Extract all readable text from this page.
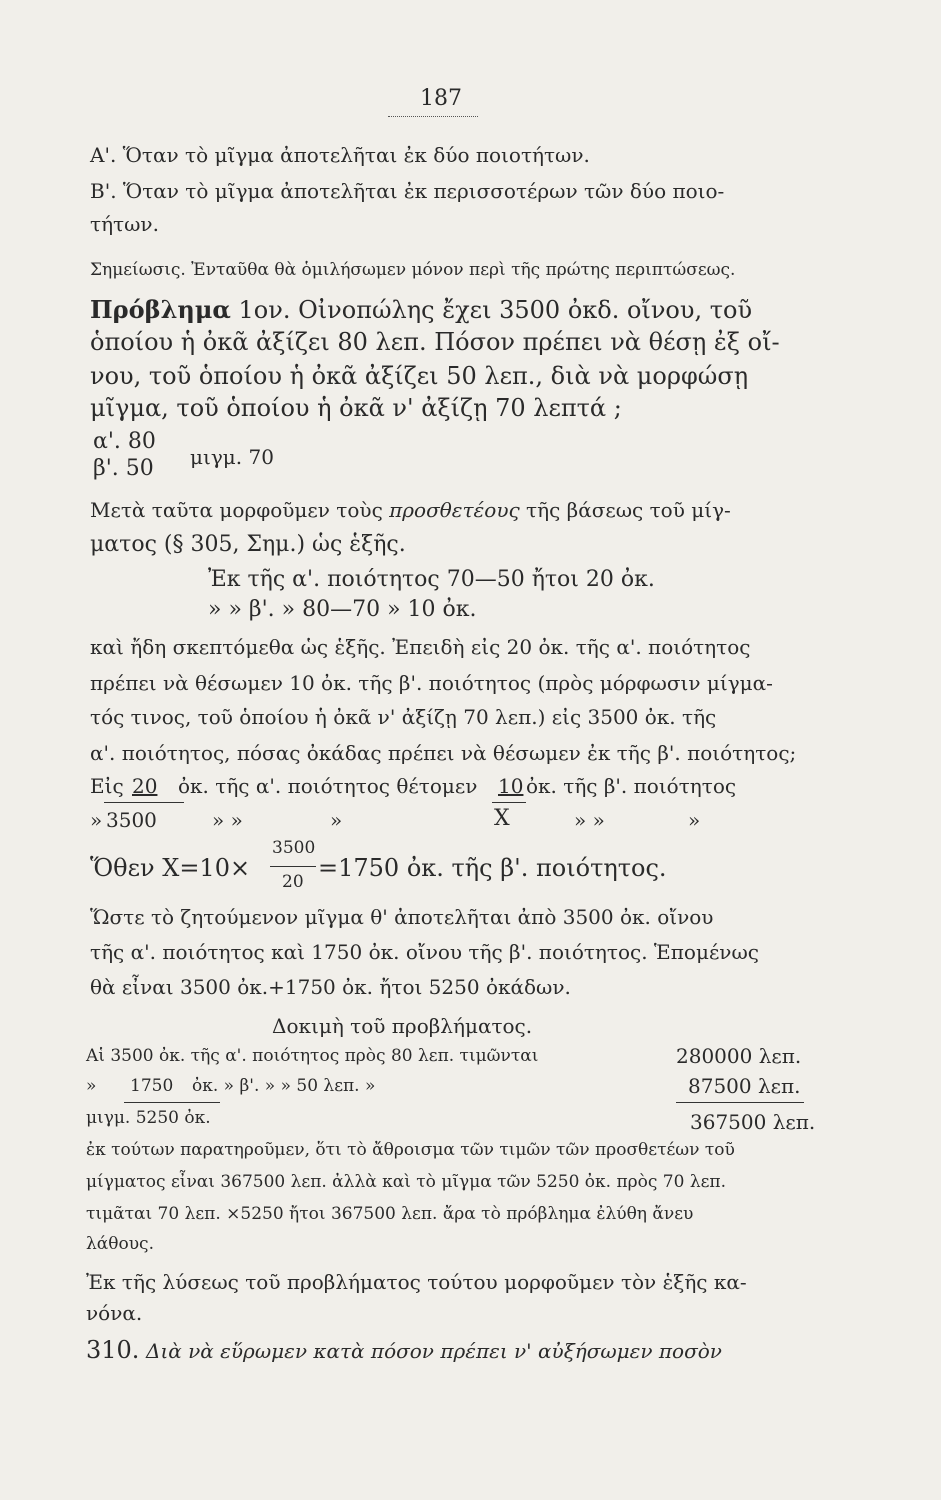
187
Α'. Ὅταν τὸ μῖγμα ἀποτελῆται ἐκ δύο ποιοτήτων.
Β'. Ὅταν τὸ μῖγμα ἀποτελῆται ἐκ περισσοτέρων τῶν δύο ποιο-
τήτων.
Σημείωσις. Ἐνταῦθα θὰ ὁμιλήσωμεν μόνον περὶ τῆς πρώτης περιπτώσεως.
Πρόβλημα 1ον. Οἰνοπώλης ἔχει 3500 ὀκδ. οἴνου, τοῦ
ὁποίου ἡ ὀκᾶ ἀξίζει 80 λεπ. Πόσον πρέπει νὰ θέσῃ ἐξ οἴ-
νου, τοῦ ὁποίου ἡ ὀκᾶ ἀξίζει 50 λεπ., διὰ νὰ μορφώσῃ
μῖγμα, τοῦ ὁποίου ἡ ὀκᾶ ν' ἀξίζῃ 70 λεπτά ;
α'. 80
β'. 50 μιγμ. 70
Μετὰ ταῦτα μορφοῦμεν τοὺς προσθετέους τῆς βάσεως τοῦ μίγ-
ματος (§ 305, Σημ.) ὡς ἑξῆς.
Ἐκ τῆς α'. ποιότητος 70—50 ἤτοι 20 ὀκ.
» » β'. » 80—70 » 10 ὀκ.
καὶ ἤδη σκεπτόμεθα ὡς ἑξῆς. Ἐπειδὴ εἰς 20 ὀκ. τῆς α'. ποιότητος
πρέπει νὰ θέσωμεν 10 ὀκ. τῆς β'. ποιότητος (πρὸς μόρφωσιν μίγμα-
τός τινος, τοῦ ὁποίου ἡ ὀκᾶ ν' ἀξίζῃ 70 λεπ.) εἰς 3500 ὀκ. τῆς
α'. ποιότητος, πόσας ὀκάδας πρέπει νὰ θέσωμεν ἐκ τῆς β'. ποιότητος;
Εἰς 20 ὀκ. τῆς α'. ποιότητος θέτομεν 10 ὀκ. τῆς β'. ποιότητος
» 3500	» »	»	X	» »	»
3500
Ὅθεν X=10× 20 =1750 ὀκ. τῆς β'. ποιότητος.
Ὥστε τὸ ζητούμενον μῖγμα θ' ἀποτελῆται ἀπὸ 3500 ὀκ. οἴνου
τῆς α'. ποιότητος καὶ 1750 ὀκ. οἴνου τῆς β'. ποιότητος. Ἑπομένως
θὰ εἶναι 3500 ὀκ.+1750 ὀκ. ἤτοι 5250 ὀκάδων.
Δοκιμὴ τοῦ προβλήματος.
Αἱ 3500 ὀκ. τῆς α'. ποιότητος πρὸς 80 λεπ. τιμῶνται	280000 λεπ.
» 1750 ὀκ. » β'. » » 50 λεπ. »	87500 λεπ.
μιγμ. 5250 ὀκ.	367500 λεπ.
ἐκ τούτων παρατηροῦμεν, ὅτι τὸ ἄθροισμα τῶν τιμῶν τῶν προσθετέων τοῦ
μίγματος εἶναι 367500 λεπ. ἀλλὰ καὶ τὸ μῖγμα τῶν 5250 ὀκ. πρὸς 70 λεπ.
τιμᾶται 70 λεπ. ×5250 ἤτοι 367500 λεπ. ἄρα τὸ πρόβλημα ἐλύθη ἄνευ
λάθους.
Ἐκ τῆς λύσεως τοῦ προβλήματος τούτου μορφοῦμεν τὸν ἑξῆς κα-
νόνα.
310. Διὰ νὰ εὕρωμεν κατὰ πόσον πρέπει ν' αὐξήσωμεν ποσὸν
